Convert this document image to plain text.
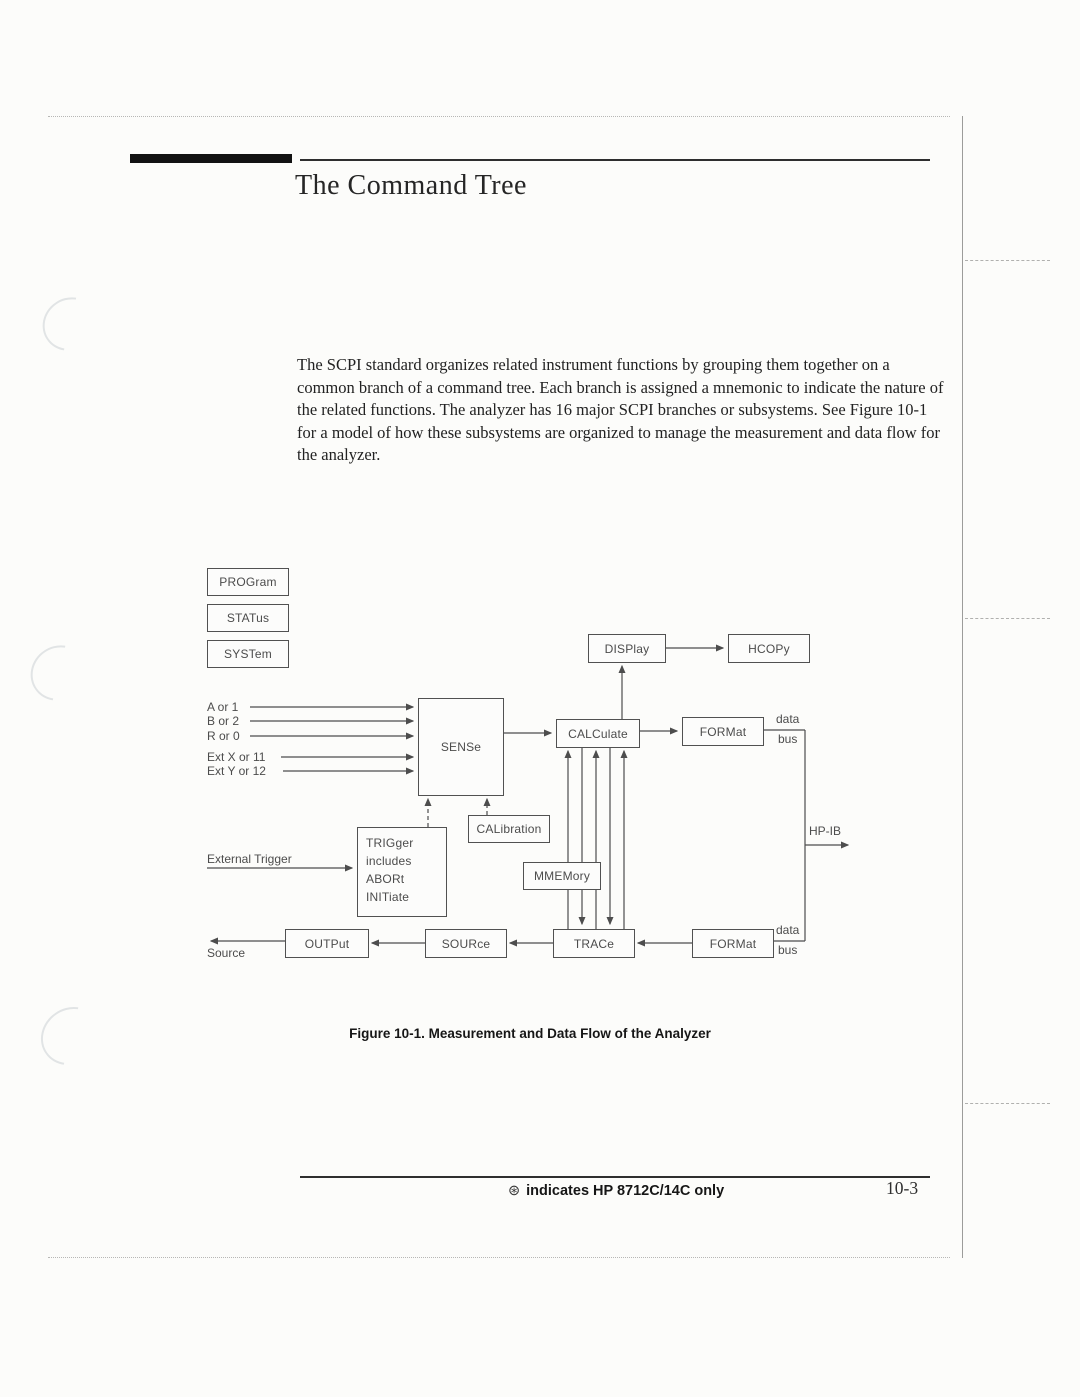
The Command Tree
The SCPI standard organizes related instrument functions by grouping them together on a common branch of a command tree. Each branch is assigned a mnemonic to indicate the nature of the related functions. The analyzer has 16 major SCPI branches or subsystems. See Figure 10-1 for a model of how these subsystems are organized to manage the measurement and data flow for the analyzer.
PROGram
STATus
SYSTem	DISPlay	HCOPy
SENSe
CALCulate	FORMat
CALibration
TRIGger
includes
ABORt
INITiate
MMEMory
OUTPut	SOURce	TRACe	FORMat
A or 1
B or 2
R or 0
Ext X or 11
Ext Y or 12
External Trigger
Source
data
bus
data
bus
HP-IB
Figure 10-1. Measurement and Data Flow of the Analyzer
⊛ indicates HP 8712C/14C only	10-3
